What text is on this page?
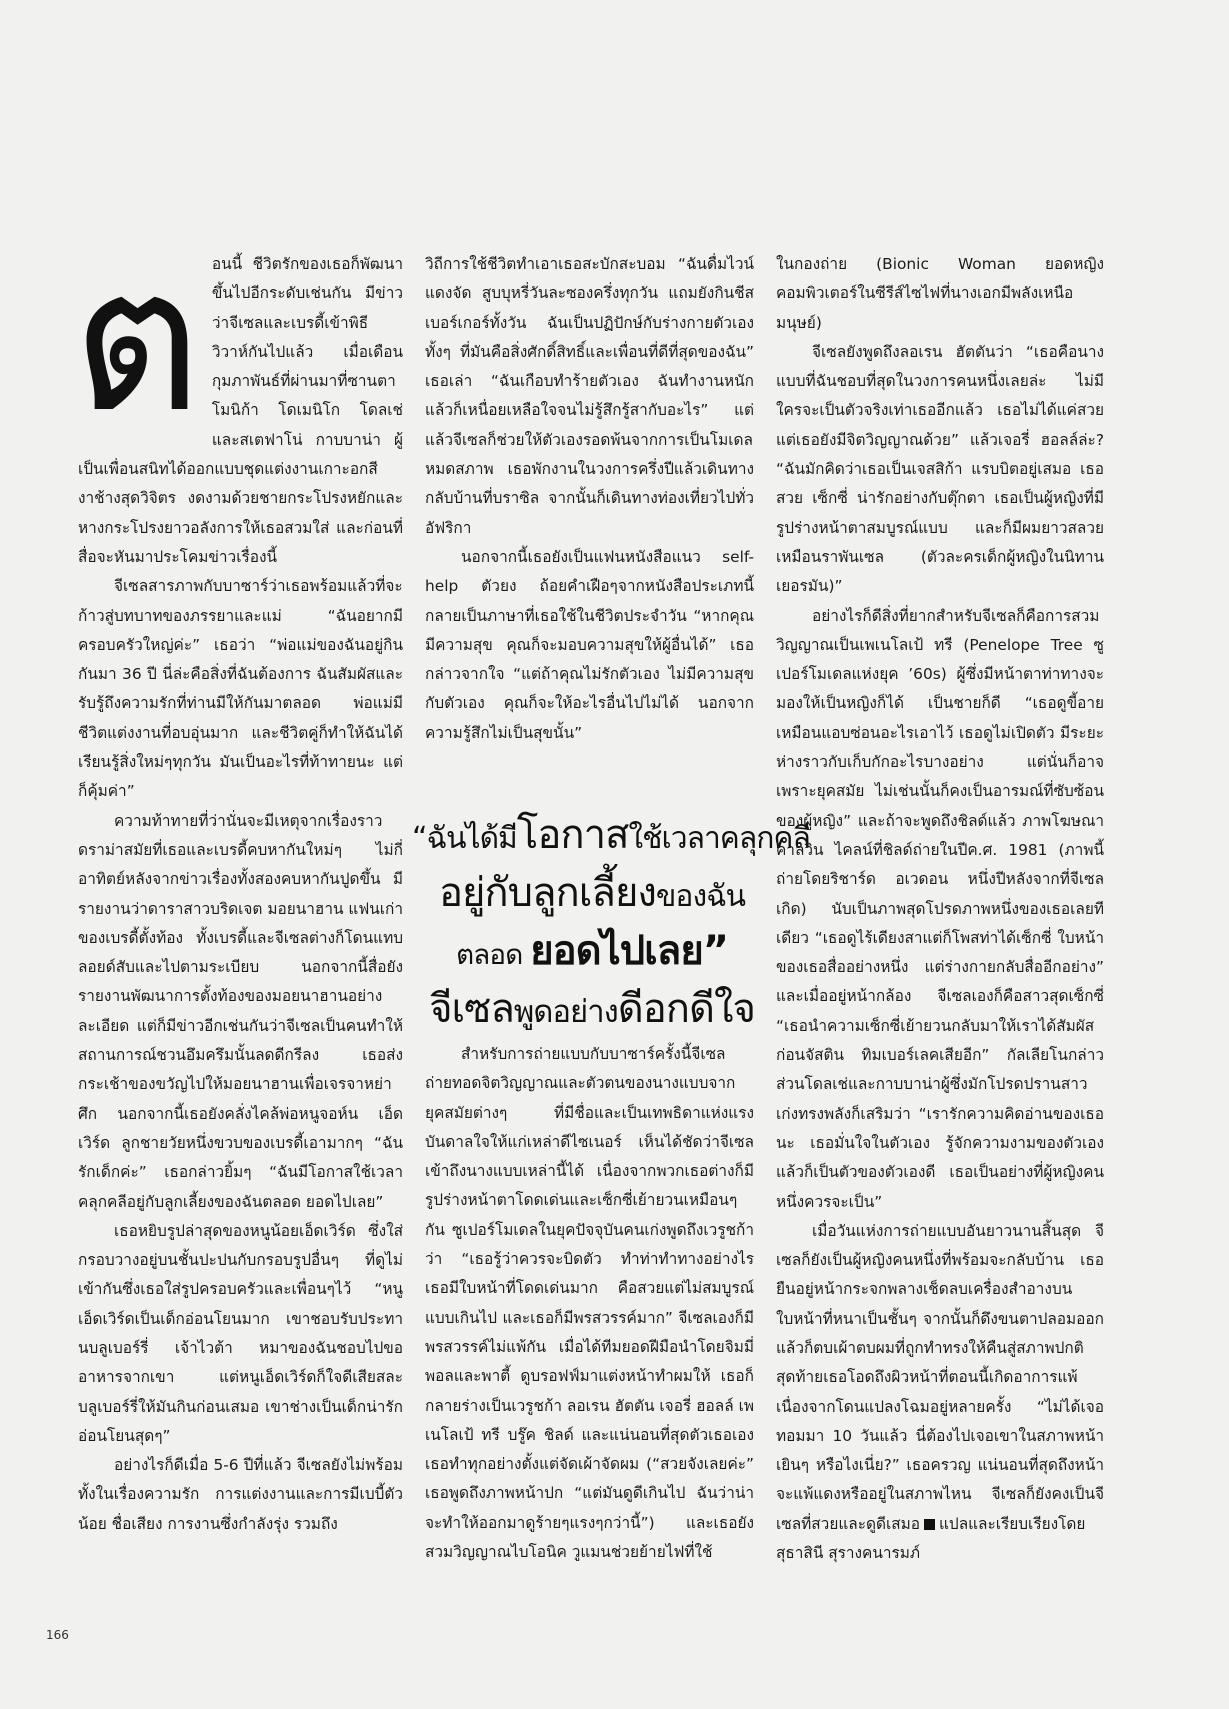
ต อนนี้ ชีวิตรักของเธอก็พัฒนาขึ้นไปอีกระดับเช่นกัน มีข่าวว่าจีเซลและเบรดี้เข้าพิธีวิวาห์กันไปแล้ว เมื่อเดือนกุมภาพันธ์ที่ผ่านมาที่ซานตา โมนิก้า โดเมนิโก โดลเช่ และสเตฟาโน่ กาบบาน่า ผู้เป็นเพื่อนสนิทได้ออกแบบชุดแต่งงานเกาะอกสีงาช้างสุดวิจิตร งดงามด้วยชายกระโปรงหยักและหางกระโปรงยาวอลังการให้เธอสวมใส่ และก่อนที่สื่อจะหันมาประโคมข่าวเรื่องนี้

จีเซลสารภาพกับบาซาร์ว่าเธอพร้อมแล้วที่จะก้าวสู่บทบาทของภรรยาและแม่ “ฉันอยากมีครอบครัวใหญ่ค่ะ” เธอว่า “พ่อแม่ของฉันอยู่กินกันมา 36 ปี นี่ล่ะคือสิ่งที่ฉันต้องการ ฉันสัมผัสและรับรู้ถึงความรักที่ท่านมีให้กันมาตลอด พ่อแม่มีชีวิตแต่งงานที่อบอุ่นมาก และชีวิตคู่ก็ทำให้ฉันได้เรียนรู้สิ่งใหม่ๆทุกวัน มันเป็นอะไรที่ท้าทายนะ แต่ก็คุ้มค่า”

ความท้าทายที่ว่านั่นจะมีเหตุจากเรื่องราวดราม่าสมัยที่เธอและเบรดี้คบหากันใหม่ๆ ไม่กี่อาทิตย์หลังจากข่าวเรื่องทั้งสองคบหากันปูดขึ้น มีรายงานว่าดาราสาวบริดเจต มอยนาฮาน แฟนเก่าของเบรดี้ตั้งท้อง ทั้งเบรดี้และจีเซลต่างก็โดนแทบลอยด์สับและไปตามระเบียบ นอกจากนี้สื่อยังรายงานพัฒนาการตั้งท้องของมอยนาฮานอย่างละเอียด แต่ก็มีข่าวอีกเช่นกันว่าจีเซลเป็นคนทำให้สถานการณ์ชวนอึมครึมนั้นลดดีกรีลง เธอส่งกระเช้าของขวัญไปให้มอยนาฮานเพื่อเจรจาหย่าศึก นอกจากนี้เธอยังคลั่งไคล้พ่อหนูจอห์น เอ็ดเวิร์ด ลูกชายวัยหนึ่งขวบของเบรดี้เอามากๆ “ฉันรักเด็กค่ะ” เธอกล่าวยิ้มๆ “ฉันมีโอกาสใช้เวลาคลุกคลีอยู่กับลูกเลี้ยงของฉันตลอด ยอดไปเลย”

เธอหยิบรูปล่าสุดของหนูน้อยเอ็ดเวิร์ด ซึ่งใส่กรอบวางอยู่บนชั้นปะปนกับกรอบรูปอื่นๆ ที่ดูไม่เข้ากันซึ่งเธอใส่รูปครอบครัวและเพื่อนๆไว้ “หนูเอ็ดเวิร์ดเป็นเด็กอ่อนโยนมาก เขาชอบรับประทานบลูเบอร์รี่ เจ้าไวต้า หมาของฉันชอบไปขออาหารจากเขา แต่หนูเอ็ดเวิร์ดก็ใจดีเสียสละบลูเบอร์รี่ให้มันกินก่อนเสมอ เขาช่างเป็นเด็กน่ารักอ่อนโยนสุดๆ”

อย่างไรก็ดีเมื่อ 5-6 ปีที่แล้ว จีเซลยังไม่พร้อมทั้งในเรื่องความรัก การแต่งงานและการมีเบบี้ตัวน้อย ชื่อเสียง การงานซึ่งกำลังรุ่ง รวมถึง

วิถีการใช้ชีวิตทำเอาเธอสะบักสะบอม “ฉันดื่มไวน์แดงจัด สูบบุหรี่วันละซองครึ่งทุกวัน แถมยังกินชีสเบอร์เกอร์ทั้งวัน ฉันเป็นปฏิปักษ์กับร่างกายตัวเอง ทั้งๆ ที่มันคือสิ่งศักดิ์สิทธิ์และเพื่อนที่ดีที่สุดของฉัน” เธอเล่า “ฉันเกือบทำร้ายตัวเอง ฉันทำงานหนักแล้วก็เหนื่อยเหลือใจจนไม่รู้สึกรู้สากับอะไร” แต่แล้วจีเซลก็ช่วยให้ตัวเองรอดพ้นจากการเป็นโมเดลหมดสภาพ เธอพักงานในวงการครึ่งปีแล้วเดินทางกลับบ้านที่บราซิล จากนั้นก็เดินทางท่องเที่ยวไปทั่วอัฟริกา

นอกจากนี้เธอยังเป็นแฟนหนังสือแนว self-help ตัวยง ถ้อยคำเฝือๆจากหนังสือประเภทนี้กลายเป็นภาษาที่เธอใช้ในชีวิตประจำวัน “หากคุณมีความสุข คุณก็จะมอบความสุขให้ผู้อื่นได้” เธอกล่าวจากใจ “แต่ถ้าคุณไม่รักตัวเอง ไม่มีความสุขกับตัวเอง คุณก็จะให้อะไรอื่นไปไม่ได้ นอกจากความรู้สึกไม่เป็นสุขนั้น”

“ฉันได้มีโอกาสใช้เวลาคลุกคลี
อยู่กับลูกเลี้ยงของฉัน
ตลอด ยอดไปเลย”
จีเซลพูดอย่างดีอกดีใจ

สำหรับการถ่ายแบบกับบาซาร์ครั้งนี้จีเซลถ่ายทอดจิตวิญญาณและตัวตนของนางแบบจากยุคสมัยต่างๆ ที่มีชื่อและเป็นเทพธิดาแห่งแรงบันดาลใจให้แก่เหล่าดีไซเนอร์ เห็นได้ชัดว่าจีเซลเข้าถึงนางแบบเหล่านี้ได้ เนื่องจากพวกเธอต่างก็มีรูปร่างหน้าตาโดดเด่นและเซ็กซี่เย้ายวนเหมือนๆ กัน ซูเปอร์โมเดลในยุคปัจจุบันคนเก่งพูดถึงเวรูชก้าว่า “เธอรู้ว่าควรจะบิดตัว ทำท่าทำทางอย่างไร เธอมีใบหน้าที่โดดเด่นมาก คือสวยแต่ไม่สมบูรณ์แบบเกินไป และเธอก็มีพรสวรรค์มาก” จีเซลเองก็มีพรสวรรค์ไม่แพ้กัน เมื่อได้ทีมยอดฝีมือนำโดยจิมมี่ พอลและพาตี้ ดูบรอฟฟ์มาแต่งหน้าทำผมให้ เธอก็กลายร่างเป็นเวรูชก้า ลอเรน ฮัตตัน เจอรี่ ฮอลล์ เพเนโลเป้ ทรี บรู๊ค ชิลด์ และแน่นอนที่สุดตัวเธอเอง เธอทำทุกอย่างตั้งแต่จัดเผ้าจัดผม (“สวยจังเลยค่ะ” เธอพูดถึงภาพหน้าปก “แต่มันดูดีเกินไป ฉันว่าน่าจะทำให้ออกมาดูร้ายๆแรงๆกว่านี้”) และเธอยังสวมวิญญาณไบโอนิค วูแมนช่วยย้ายไฟที่ใช้

ในกองถ่าย (Bionic Woman ยอดหญิงคอมพิวเตอร์ในซีรีส์ไซไฟที่นางเอกมีพลังเหนือมนุษย์)

จีเซลยังพูดถึงลอเรน ฮัตตันว่า “เธอคือนางแบบที่ฉันชอบที่สุดในวงการคนหนึ่งเลยล่ะ ไม่มีใครจะเป็นตัวจริงเท่าเธออีกแล้ว เธอไม่ได้แค่สวยแต่เธอยังมีจิตวิญญาณด้วย” แล้วเจอรี่ ฮอลล์ล่ะ? “ฉันมักคิดว่าเธอเป็นเจสสิก้า แรบบิตอยู่เสมอ เธอสวย เซ็กซี่ น่ารักอย่างกับตุ๊กตา เธอเป็นผู้หญิงที่มีรูปร่างหน้าตาสมบูรณ์แบบ และก็มีผมยาวสลวยเหมือนราพันเซล (ตัวละครเด็กผู้หญิงในนิทานเยอรมัน)”

อย่างไรก็ดีสิ่งที่ยากสำหรับจีเซลก็คือการสวมวิญญาณเป็นเพเนโลเป้ ทรี (Penelope Tree ซูเปอร์โมเดลแห่งยุค ’60s) ผู้ซึ่งมีหน้าตาท่าทางจะมองให้เป็นหญิงก็ได้ เป็นชายก็ดี “เธอดูขี้อายเหมือนแอบซ่อนอะไรเอาไว้ เธอดูไม่เปิดตัว มีระยะห่างราวกับเก็บกักอะไรบางอย่าง แต่นั่นก็อาจเพราะยุคสมัย ไม่เช่นนั้นก็คงเป็นอารมณ์ที่ซับซ้อนของผู้หญิง” และถ้าจะพูดถึงชิลด์แล้ว ภาพโฆษณาคาลวิน ไคลน์ที่ชิลด์ถ่ายในปีค.ศ. 1981 (ภาพนี้ถ่ายโดยริชาร์ด อเวดอน หนึ่งปีหลังจากที่จีเซลเกิด) นับเป็นภาพสุดโปรดภาพหนึ่งของเธอเลยทีเดียว “เธอดูไร้เดียงสาแต่ก็โพสท่าได้เซ็กซี่ ใบหน้าของเธอสื่ออย่างหนึ่ง แต่ร่างกายกลับสื่ออีกอย่าง” และเมื่ออยู่หน้ากล้อง จีเซลเองก็คือสาวสุดเซ็กซี่ “เธอนำความเซ็กซี่เย้ายวนกลับมาให้เราได้สัมผัสก่อนจัสติน ทิมเบอร์เลคเสียอีก” กัลเลียโนกล่าว ส่วนโดลเช่และกาบบาน่าผู้ซึ่งมักโปรดปรานสาวเก่งทรงพลังก็เสริมว่า “เรารักความคิดอ่านของเธอนะ เธอมั่นใจในตัวเอง รู้จักความงามของตัวเองแล้วก็เป็นตัวของตัวเองดี เธอเป็นอย่างที่ผู้หญิงคนหนึ่งควรจะเป็น”

เมื่อวันแห่งการถ่ายแบบอันยาวนานสิ้นสุด จีเซลก็ยังเป็นผู้หญิงคนหนึ่งที่พร้อมจะกลับบ้าน เธอยืนอยู่หน้ากระจกพลางเช็ดลบเครื่องสำอางบนใบหน้าที่หนาเป็นชั้นๆ จากนั้นก็ดึงขนตาปลอมออก แล้วก็ตบเผ้าตบผมที่ถูกทำทรงให้คืนสู่สภาพปกติ สุดท้ายเธอโอดถึงผิวหน้าที่ตอนนี้เกิดอาการแพ้เนื่องจากโดนแปลงโฉมอยู่หลายครั้ง “ไม่ได้เจอทอมมา 10 วันแล้ว นี่ต้องไปเจอเขาในสภาพหน้าเยินๆ หรือไงเนี่ย?” เธอครวญ แน่นอนที่สุดถึงหน้าจะแพ้แดงหรืออยู่ในสภาพไหน จีเซลก็ยังคงเป็นจีเซลที่สวยและดูดีเสมอ แปลและเรียบเรียงโดย สุธาสินี สุรางคนารมภ์

166
